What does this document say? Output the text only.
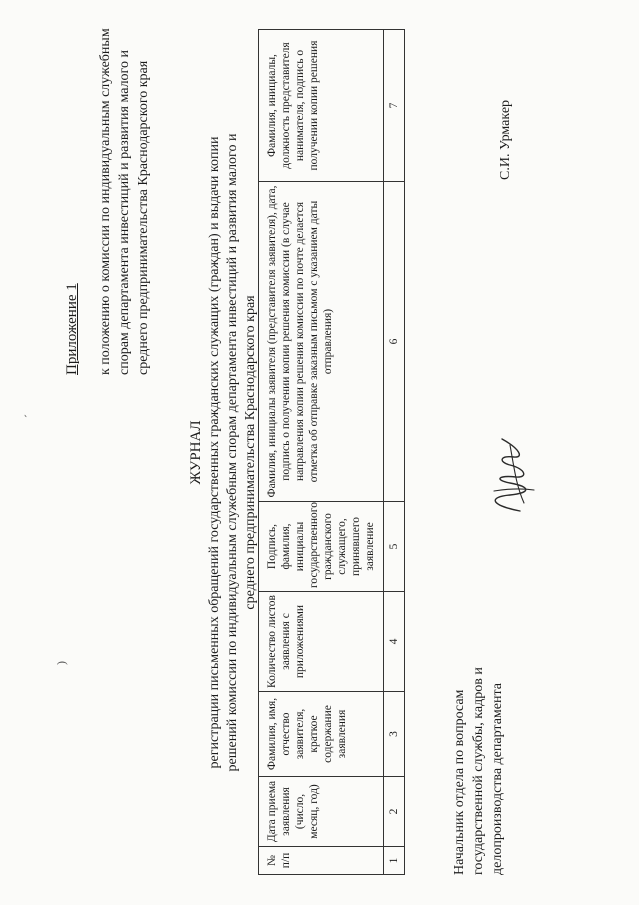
´
)
Приложение 1 к положению о комиссии по индивидуальным служебным спорам департамента инвестиций и развития малого и среднего предпринимательства Краснодарского края
ЖУРНАЛ регистрации письменных обращений государственных гражданских служащих (граждан) и выдачи копии решений комиссии по индивидуальным служебным спорам департамента инвестиций и развития малого и среднего предпринимательства Краснодарского края
№ п/п	Дата приема заявления (число, месяц, год)	Фамилия, имя, отчество заявителя, краткое содержание заявления	Количество листов заявления с приложениями	Подпись, фамилия, инициалы государственного гражданского служащего, принявшего заявление	Фамилия, инициалы заявителя (представителя заявителя), дата, подпись о получении копии решения комиссии (в случае направления копии решения комиссии по почте делается отметка об отправке заказным письмом с указанием даты отправления)	Фамилия, инициалы, должность представителя нанимателя, подпись о получении копии решения
1	2	3	4	5	6	7
Начальник отдела по вопросам государственной службы, кадров и делопроизводства департамента
С.И. Урмакер
